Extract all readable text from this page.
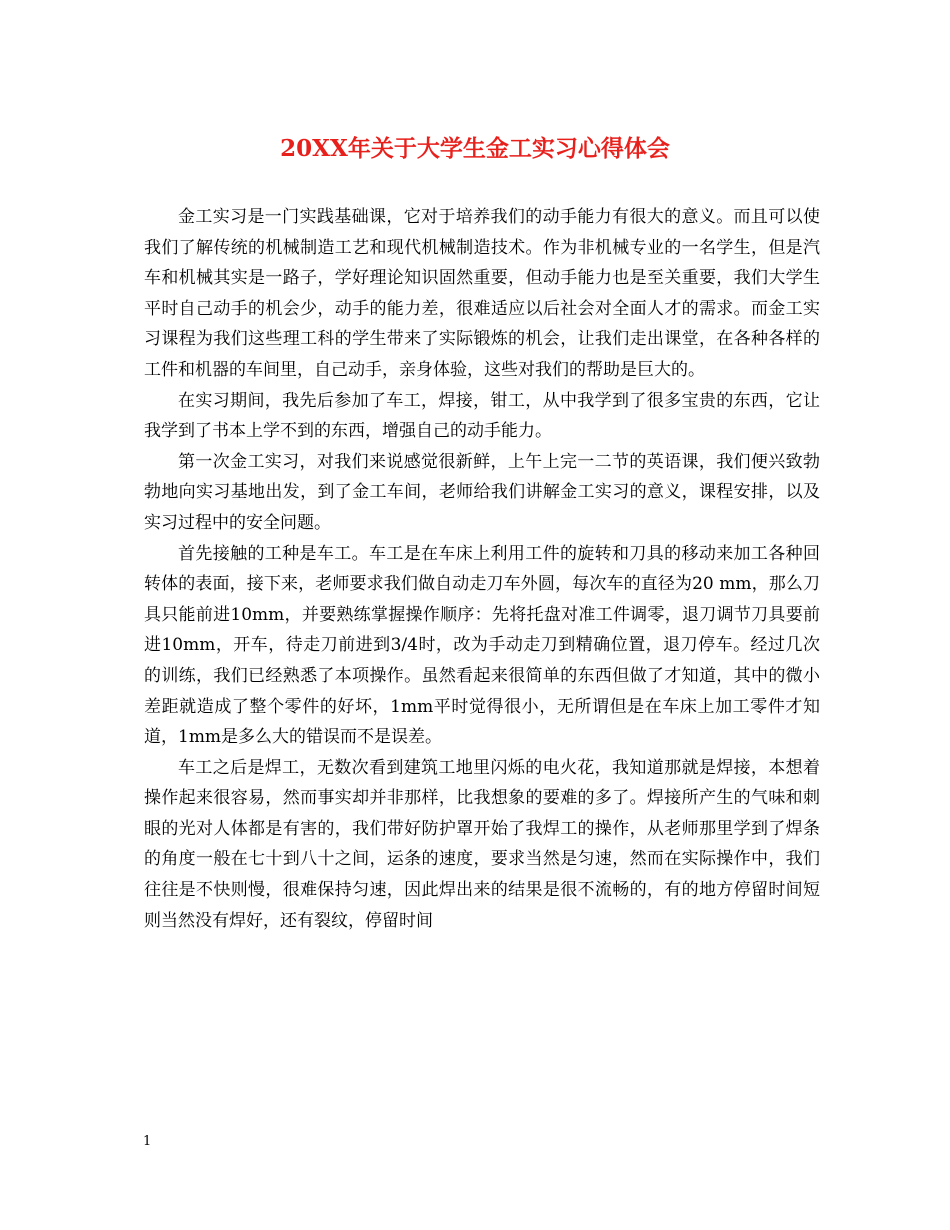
20XX年关于大学生金工实习心得体会

金工实习是一门实践基础课，它对于培养我们的动手能力有很大的意义。而且可以使我们了解传统的机械制造工艺和现代机械制造技术。作为非机械专业的一名学生，但是汽车和机械其实是一路子，学好理论知识固然重要，但动手能力也是至关重要，我们大学生平时自己动手的机会少，动手的能力差，很难适应以后社会对全面人才的需求。而金工实习课程为我们这些理工科的学生带来了实际锻炼的机会，让我们走出课堂，在各种各样的工件和机器的车间里，自己动手，亲身体验，这些对我们的帮助是巨大的。

在实习期间，我先后参加了车工，焊接，钳工，从中我学到了很多宝贵的东西，它让我学到了书本上学不到的东西，增强自己的动手能力。

第一次金工实习，对我们来说感觉很新鲜，上午上完一二节的英语课，我们便兴致勃勃地向实习基地出发，到了金工车间，老师给我们讲解金工实习的意义，课程安排，以及实习过程中的安全问题。

首先接触的工种是车工。车工是在车床上利用工件的旋转和刀具的移动来加工各种回转体的表面，接下来，老师要求我们做自动走刀车外圆，每次车的直径为20 mm，那么刀具只能前进10mm，并要熟练掌握操作顺序：先将托盘对准工件调零，退刀调节刀具要前进10mm，开车，待走刀前进到3/4时，改为手动走刀到精确位置，退刀停车。经过几次的训练，我们已经熟悉了本项操作。虽然看起来很简单的东西但做了才知道，其中的微小差距就造成了整个零件的好坏，1mm平时觉得很小，无所谓但是在车床上加工零件才知道，1mm是多么大的错误而不是误差。

车工之后是焊工，无数次看到建筑工地里闪烁的电火花，我知道那就是焊接，本想着操作起来很容易，然而事实却并非那样，比我想象的要难的多了。焊接所产生的气味和刺眼的光对人体都是有害的，我们带好防护罩开始了我焊工的操作，从老师那里学到了焊条的角度一般在七十到八十之间，运条的速度，要求当然是匀速，然而在实际操作中，我们往往是不快则慢，很难保持匀速，因此焊出来的结果是很不流畅的，有的地方停留时间短则当然没有焊好，还有裂纹，停留时间

1
